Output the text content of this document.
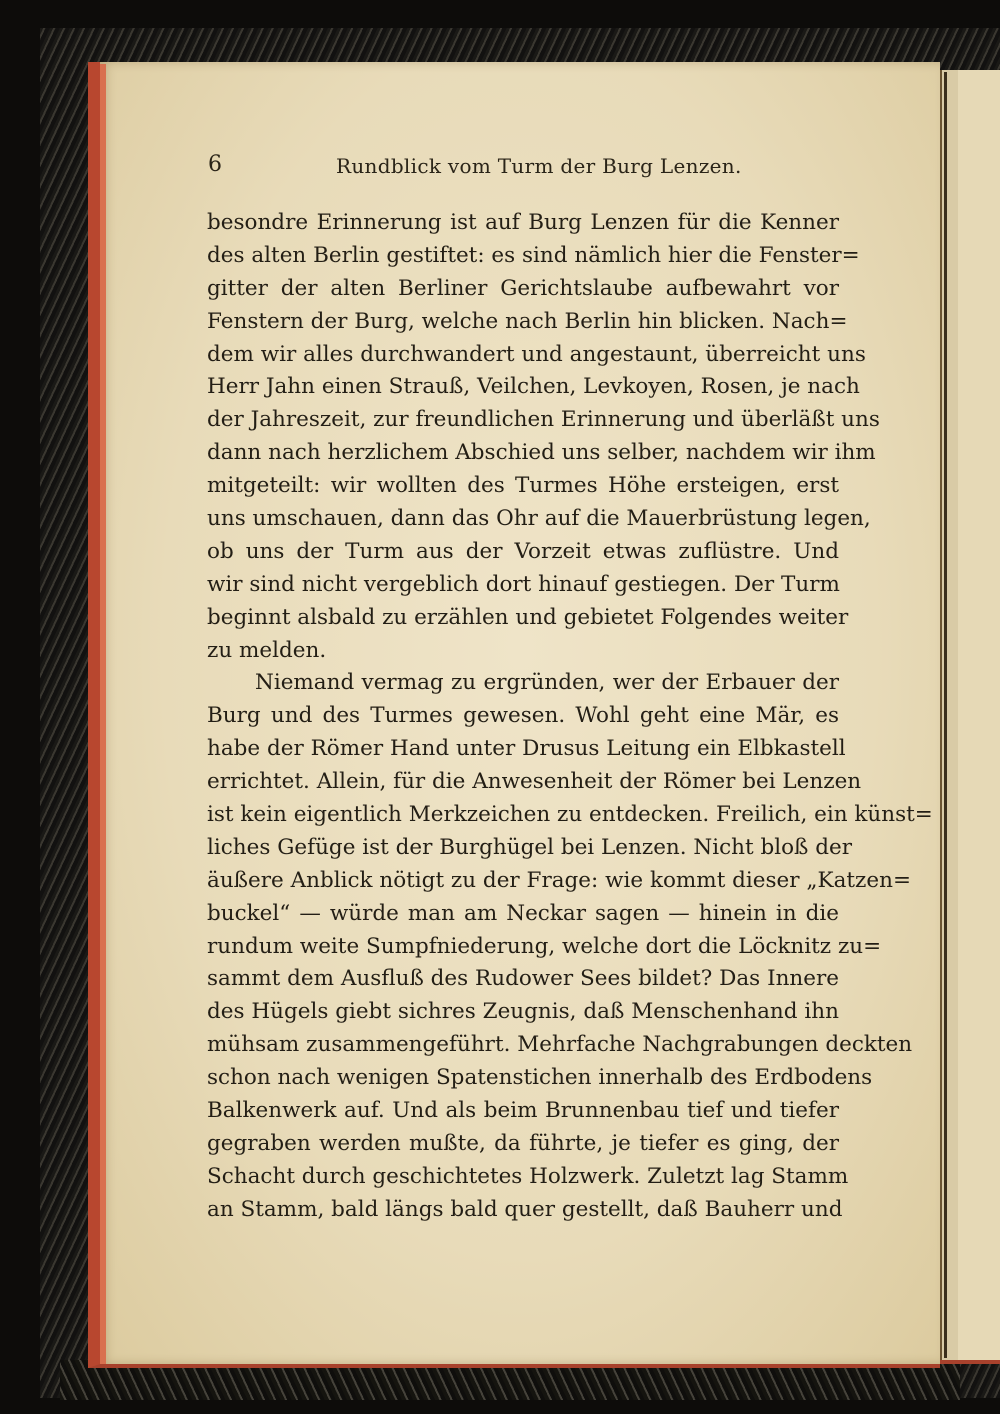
6	Rundblick vom Turm der Burg Lenzen.
besondre Erinnerung ist auf Burg Lenzen für die Kenner
des alten Berlin gestiftet: es sind nämlich hier die Fenster=
gitter der alten Berliner Gerichtslaube aufbewahrt vor
Fenstern der Burg, welche nach Berlin hin blicken. Nach=
dem wir alles durchwandert und angestaunt, überreicht uns
Herr Jahn einen Strauß, Veilchen, Levkoyen, Rosen, je nach
der Jahreszeit, zur freundlichen Erinnerung und überläßt uns
dann nach herzlichem Abschied uns selber, nachdem wir ihm
mitgeteilt: wir wollten des Turmes Höhe ersteigen, erst
uns umschauen, dann das Ohr auf die Mauerbrüstung legen,
ob uns der Turm aus der Vorzeit etwas zuflüstre. Und
wir sind nicht vergeblich dort hinauf gestiegen. Der Turm
beginnt alsbald zu erzählen und gebietet Folgendes weiter
zu melden.
Niemand vermag zu ergründen, wer der Erbauer der
Burg und des Turmes gewesen. Wohl geht eine Mär, es
habe der Römer Hand unter Drusus Leitung ein Elbkastell
errichtet. Allein, für die Anwesenheit der Römer bei Lenzen
ist kein eigentlich Merkzeichen zu entdecken. Freilich, ein künst=
liches Gefüge ist der Burghügel bei Lenzen. Nicht bloß der
äußere Anblick nötigt zu der Frage: wie kommt dieser „Katzen=
buckel“ — würde man am Neckar sagen — hinein in die
rundum weite Sumpfniederung, welche dort die Löcknitz zu=
sammt dem Ausfluß des Rudower Sees bildet? Das Innere
des Hügels giebt sichres Zeugnis, daß Menschenhand ihn
mühsam zusammengeführt. Mehrfache Nachgrabungen deckten
schon nach wenigen Spatenstichen innerhalb des Erdbodens
Balkenwerk auf. Und als beim Brunnenbau tief und tiefer
gegraben werden mußte, da führte, je tiefer es ging, der
Schacht durch geschichtetes Holzwerk. Zuletzt lag Stamm
an Stamm, bald längs bald quer gestellt, daß Bauherr und
